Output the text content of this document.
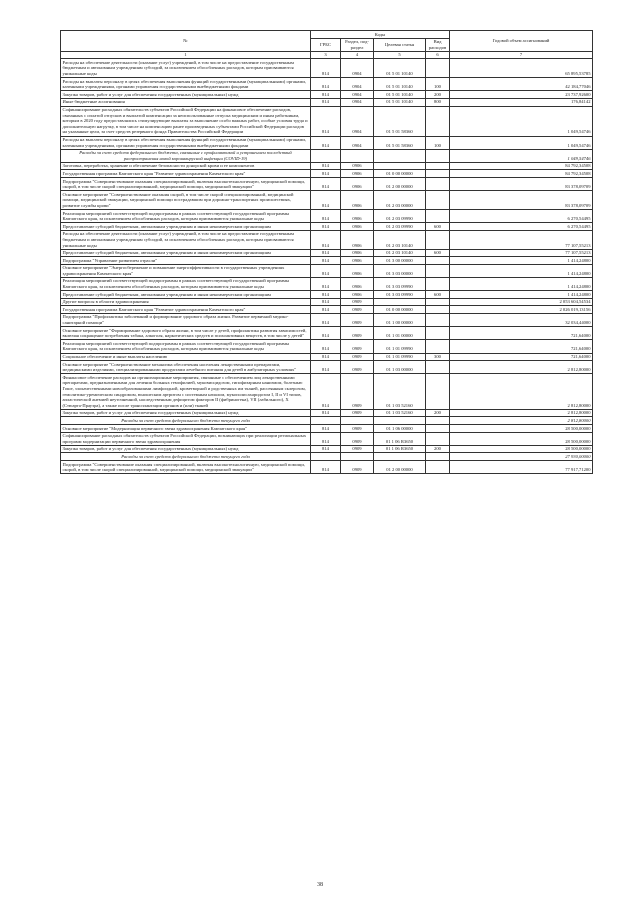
№	Коды				Годовой объем ассигнований
	ГРБС	Раздел, под-раздел	Целевая статья	Вид расходов	
1	3	4	5	6	7
Расходы на обеспечение деятельности (оказание услуг) учреждений, в том числе на предоставление государственным бюджетным и автономным учреждениям субсидий, за исключением обособленных расходов, которым присваиваются уникальные коды	814	0904	01 5 01 10140		65 895,53785
Расходы на выплаты персоналу в целях обеспечения выполнения функций государственными (муниципальными) органами, казенными учреждениями, органами управления государственными внебюджетными фондами	814	0904	01 5 01 10140	100	42 184,77046
Закупка товаров, работ и услуг для обеспечения государственных (муниципальных) нужд	814	0904	01 5 01 10140	200	23 737,92600
Иные бюджетные ассигнования	814	0904	01 5 01 10140	800	176,84142
Софинансирование расходных обязательств субъектов Российской Федерации на финансовое обеспечение расходов, связанных с оплатой отпусков и выплатой компенсации за неиспользованные отпуска медицинским и иным работникам, которым в 2020 году предоставлялись стимулирующие выплаты за выполнение особо важных работ, особые условия труда и дополнительную нагрузку, в том числе на компенсацию ранее произведенных субъектами Российской Федерации расходов на указанные цели, за счет средств резервного фонда Правительства Российской Федерации	814	0904	01 5 01 58360		1 049,54746
Расходы на выплаты персоналу в целях обеспечения выполнения функций государственными (муниципальными) органами, казенными учреждениями, органами управления государственными внебюджетными фондами	814	0904	01 5 01 58360	100	1 049,54746
Расходы за счет средств федерального бюджета, связанные с профилактикой и устранением последствий распространения новой коронавирусной инфекции (COVID-19)					1 049,54746
Заготовка, переработка, хранение и обеспечение безопасности донорской крови и ее компонентов	814	0906			84 792,34508
Государственная программа Камчатского края "Развитие здравоохранения Камчатского края"	814	0906	01 0 00 00000		84 792,34508
Подпрограмма "Совершенствование оказания специализированной, включая высокотехнологичную, медицинской помощи, скорой, в том числе скорой специализированной, медицинской помощи, медицинской эвакуации"	814	0906	01 2 00 00000		83 378,09709
Основное мероприятие "Совершенствование оказания скорой, в том числе скорой специализированной, медицинской помощи, медицинской эвакуации, медицинской помощи пострадавшим при дорожно-транспортных происшествиях, развитие службы крови"	814	0906	01 2 03 00000		83 378,09709
Реализация мероприятий соответствующей подпрограммы в рамках соответствующей государственной программы Камчатского края, за исключением обособленных расходов, которым присваиваются уникальные коды	814	0906	01 2 03 09990		6 270,54495
Предоставление субсидий бюджетным, автономным учреждениям и иным некоммерческим организациям	814	0906	01 2 03 09990	600	6 270,54495
Расходы на обеспечение деятельности (оказание услуг) учреждений, в том числе на предоставление государственным бюджетным и автономным учреждениям субсидий, за исключением обособленных расходов, которым присваиваются уникальные коды	814	0906	01 2 03 10140		77 107,55213
Предоставление субсидий бюджетным, автономным учреждениям и иным некоммерческим организациям	814	0906	01 2 03 10140	600	77 107,55213
Подпрограмма "Управление развитием отрасли"	814	0906	01 3 00 00000		1 414,24800
Основное мероприятие "Энергосбережение и повышение энергоэффективности в государственных учреждениях здравоохранения Камчатского края"	814	0906	01 3 03 00000		1 414,24800
Реализация мероприятий соответствующей подпрограммы в рамках соответствующей государственной программы Камчатского края, за исключением обособленных расходов, которым присваиваются уникальные коды	814	0906	01 3 03 09990		1 414,24800
Предоставление субсидий бюджетным, автономным учреждениям и иным некоммерческим организациям	814	0906	01 3 03 09990	600	1 414,24800
Другие вопросы в области здравоохранения	814	0909			2 053 604,54534
Государственная программа Камчатского края "Развитие здравоохранения Камчатского края"	814	0909	01 0 00 00000		2 026 019,13156
Подпрограмма "Профилактика заболеваний и формирование здорового образа жизни. Развитие первичной медико-санитарной помощи"	814	0909	01 1 00 00000		32 034,44000
Основное мероприятие "Формирование здорового образа жизни, в том числе у детей, профилактика развития зависимостей, включая сокращение потребления табака, алкоголя, наркотических средств и психоактивных веществ, в том числе у детей"	814	0909	01 1 01 00000		721,64000
Реализация мероприятий соответствующей подпрограммы в рамках соответствующей государственной программы Камчатского края, за исключением обособленных расходов, которым присваиваются уникальные коды	814	0909	01 1 01 09990		721,64000
Социальное обеспечение и иные выплаты населению	814	0909	01 1 01 09990	300	721,64000
Основное мероприятие "Совершенствование механизма обеспечения населения лекарственными препаратами, медицинскими изделиями, специализированными продуктами лечебного питания для детей в амбулаторных условиях"	814	0909	01 1 03 00000		2 812,80000
Финансовое обеспечение расходов на организационные мероприятия, связанные с обеспечением лиц лекарственными препаратами, предназначенными для лечения больных гемофилией, муковисцидозом, гипофизарным нанизмом, болезнью Гоше, злокачественными новообразованиями лимфоидной, кроветворной и родственных им тканей, рассеянным склерозом, гемолитико-уремическим синдромом, юношеским артритом с системным началом, мукополисахаридозом I, II и VI типов, апластической анемией неуточненной, наследственным дефицитом факторов II (фибриногена), VII (лабильного), X (Стюарта-Прауэра), а также после трансплантации органов и (или) тканей	814	0909	01 1 03 52160		2 812,80000
Закупка товаров, работ и услуг для обеспечения государственных (муниципальных) нужд	814	0909	01 1 03 52160	200	2 812,80000
Расходы за счет средств федерального бюджета текущего года					2 812,80000
Основное мероприятие "Модернизация первичного звена здравоохранения Камчатского края"	814	0909	01 1 06 00000		28 500,00000
Софинансирование расходных обязательств субъектов Российской Федерации, возникающих при реализации региональных программ модернизации первичного звена здравоохранения	814	0909	01 1 06 R3650		28 500,00000
Закупка товаров, работ и услуг для обеспечения государственных (муниципальных) нужд	814	0909	01 1 06 R3650	200	28 500,00000
Расходы за счет средств федерального бюджета текущего года					27 930,00000
Подпрограмма "Совершенствование оказания специализированной, включая высокотехнологичную, медицинской помощи, скорой, в том числе скорой специализированной, медицинской помощи, медицинской эвакуации"	814	0909	01 2 00 00000		77 917,71200
38
